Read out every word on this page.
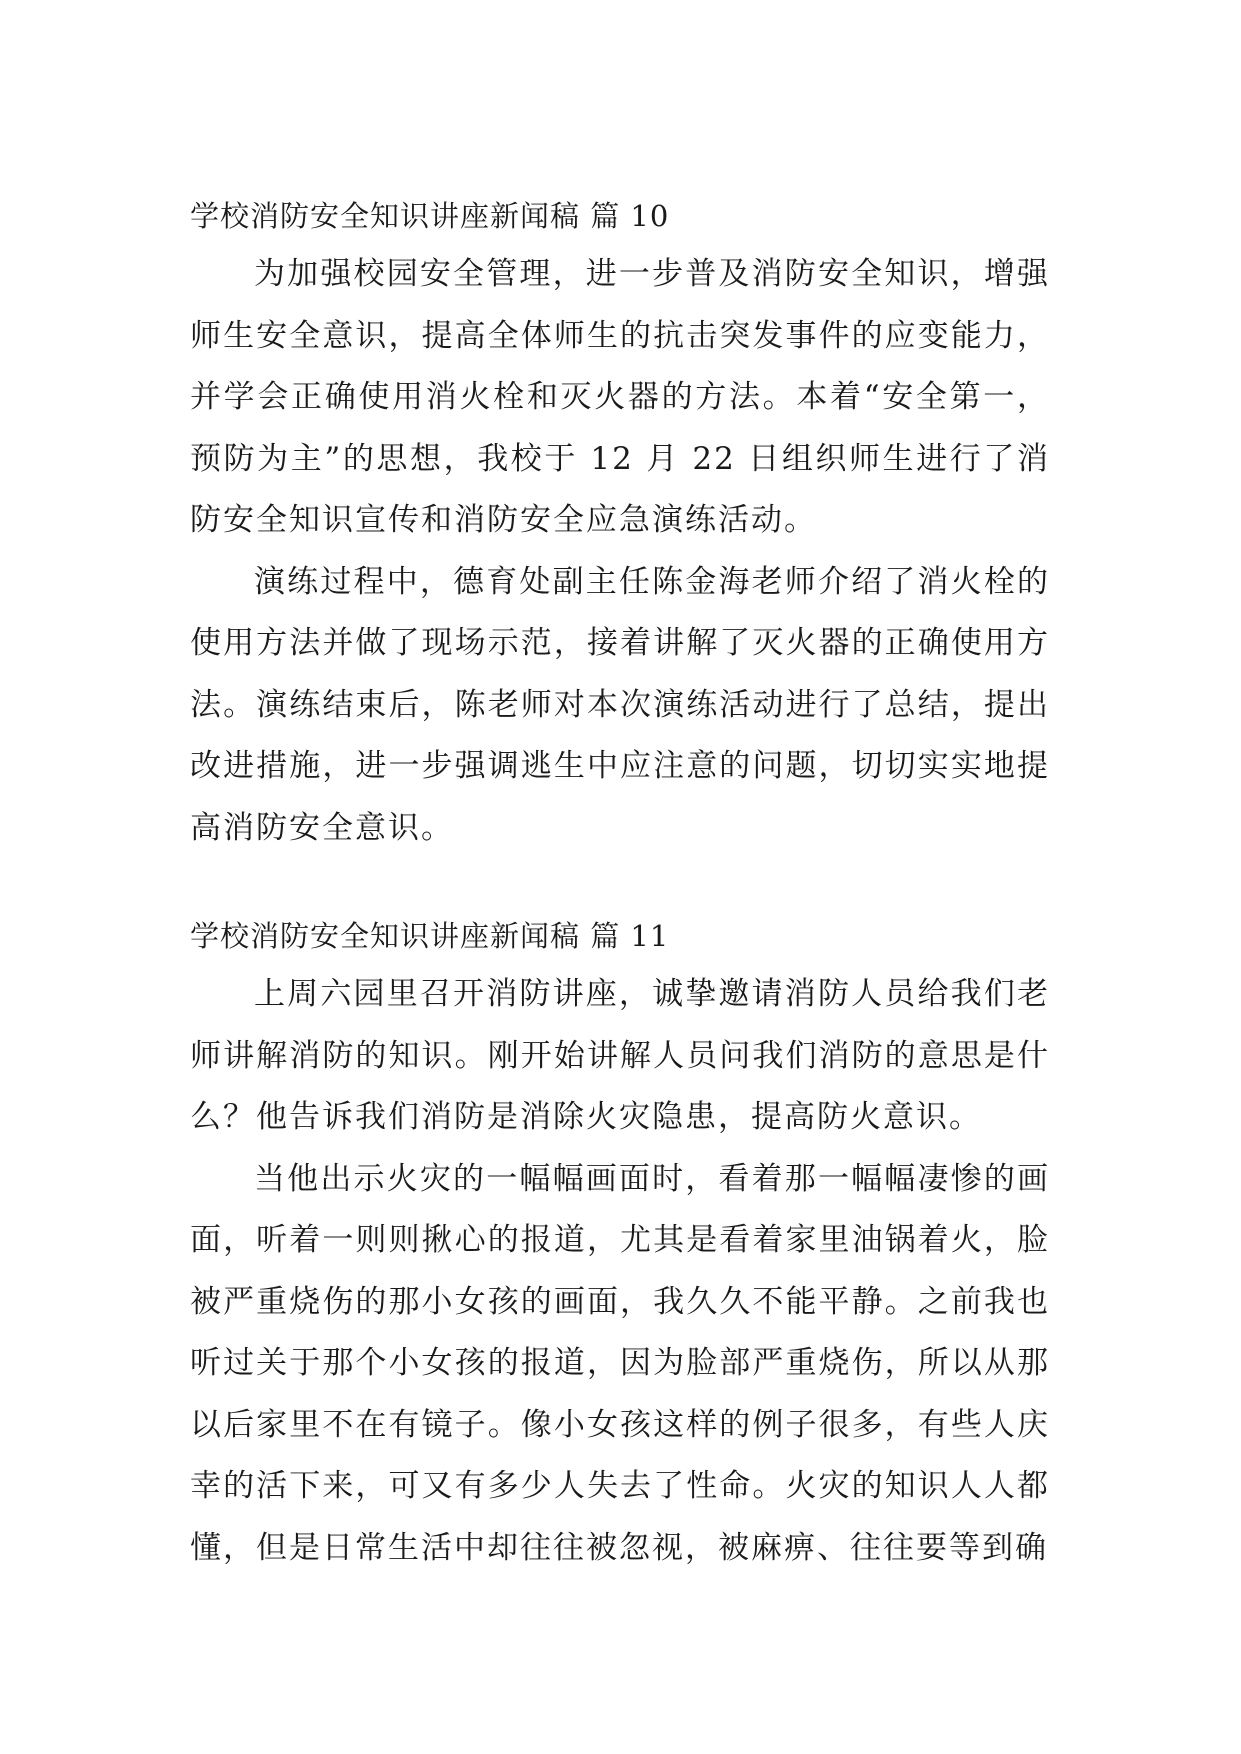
学校消防安全知识讲座新闻稿 篇 10

为加强校园安全管理，进一步普及消防安全知识，增强师生安全意识，提高全体师生的抗击突发事件的应变能力，并学会正确使用消火栓和灭火器的方法。本着“安全第一，预防为主”的思想，我校于 12 月 22 日组织师生进行了消防安全知识宣传和消防安全应急演练活动。

演练过程中，德育处副主任陈金海老师介绍了消火栓的使用方法并做了现场示范，接着讲解了灭火器的正确使用方法。演练结束后，陈老师对本次演练活动进行了总结，提出改进措施，进一步强调逃生中应注意的问题，切切实实地提高消防安全意识。

学校消防安全知识讲座新闻稿 篇 11

上周六园里召开消防讲座，诚挚邀请消防人员给我们老师讲解消防的知识。刚开始讲解人员问我们消防的意思是什么？他告诉我们消防是消除火灾隐患，提高防火意识。

当他出示火灾的一幅幅画面时，看着那一幅幅凄惨的画面，听着一则则揪心的报道，尤其是看着家里油锅着火，脸被严重烧伤的那小女孩的画面，我久久不能平静。之前我也听过关于那个小女孩的报道，因为脸部严重烧伤，所以从那以后家里不在有镜子。像小女孩这样的例子很多，有些人庆幸的活下来，可又有多少人失去了性命。火灾的知识人人都懂，但是日常生活中却往往被忽视，被麻痹、往往要等到确
